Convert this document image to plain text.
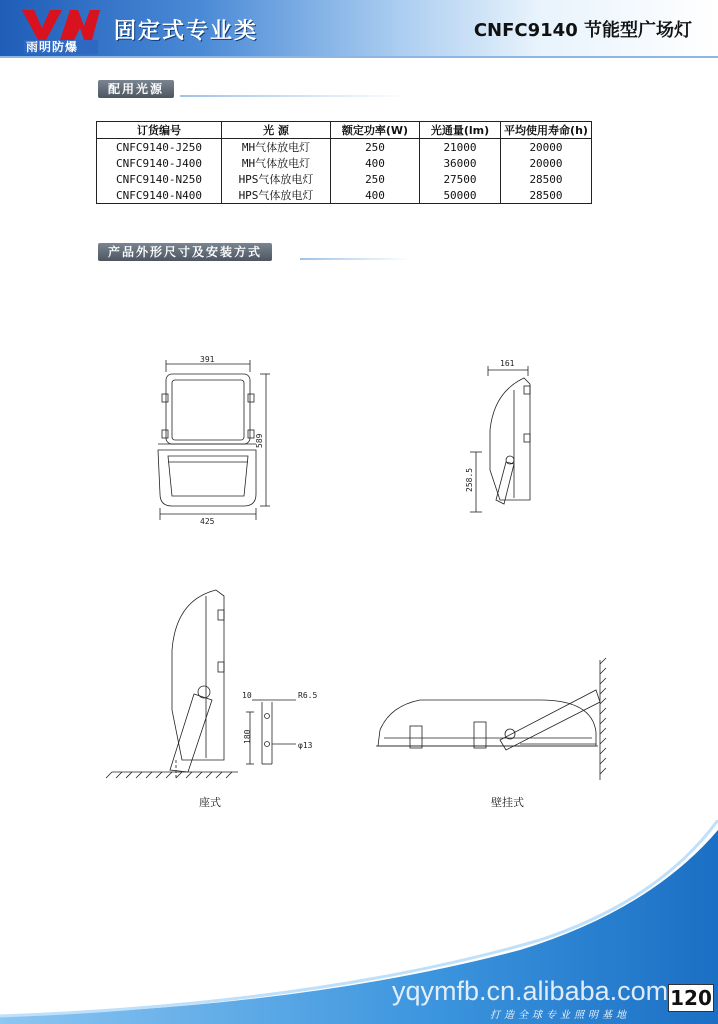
雨明防爆
固定式专业类	CNFC9140 节能型广场灯
配用光源
订货编号	光 源	额定功率(W)	光通量(lm)	平均使用寿命(h)
CNFC9140-J250	MH气体放电灯	250	21000	20000
CNFC9140-J400	MH气体放电灯	400	36000	20000
CNFC9140-N250	HPS气体放电灯	250	27500	28500
CNFC9140-N400	HPS气体放电灯	400	50000	28500
产品外形尺寸及安装方式
391
425
589
161
258.5
10	R6.5
180
φ13
座式	壁挂式
yqymfb.cn.alibaba.com
打造全球专业照明基地
120
